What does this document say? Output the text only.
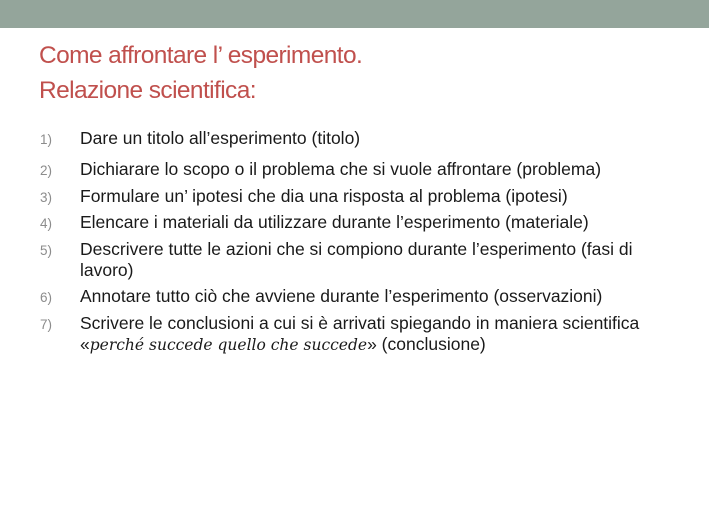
Come affrontare l’ esperimento.
Relazione scientifica:
1) Dare un titolo all’esperimento (titolo)
2) Dichiarare lo scopo o il problema che si vuole affrontare (problema)
3) Formulare un’ ipotesi che dia una risposta al problema (ipotesi)
4) Elencare i materiali da utilizzare durante l’esperimento (materiale)
5) Descrivere tutte le azioni che si compiono durante l’esperimento (fasi di lavoro)
6) Annotare tutto ciò che avviene durante l’esperimento (osservazioni)
7) Scrivere le conclusioni a cui si è arrivati spiegando in maniera scientifica «perché succede quello che succede» (conclusione)
